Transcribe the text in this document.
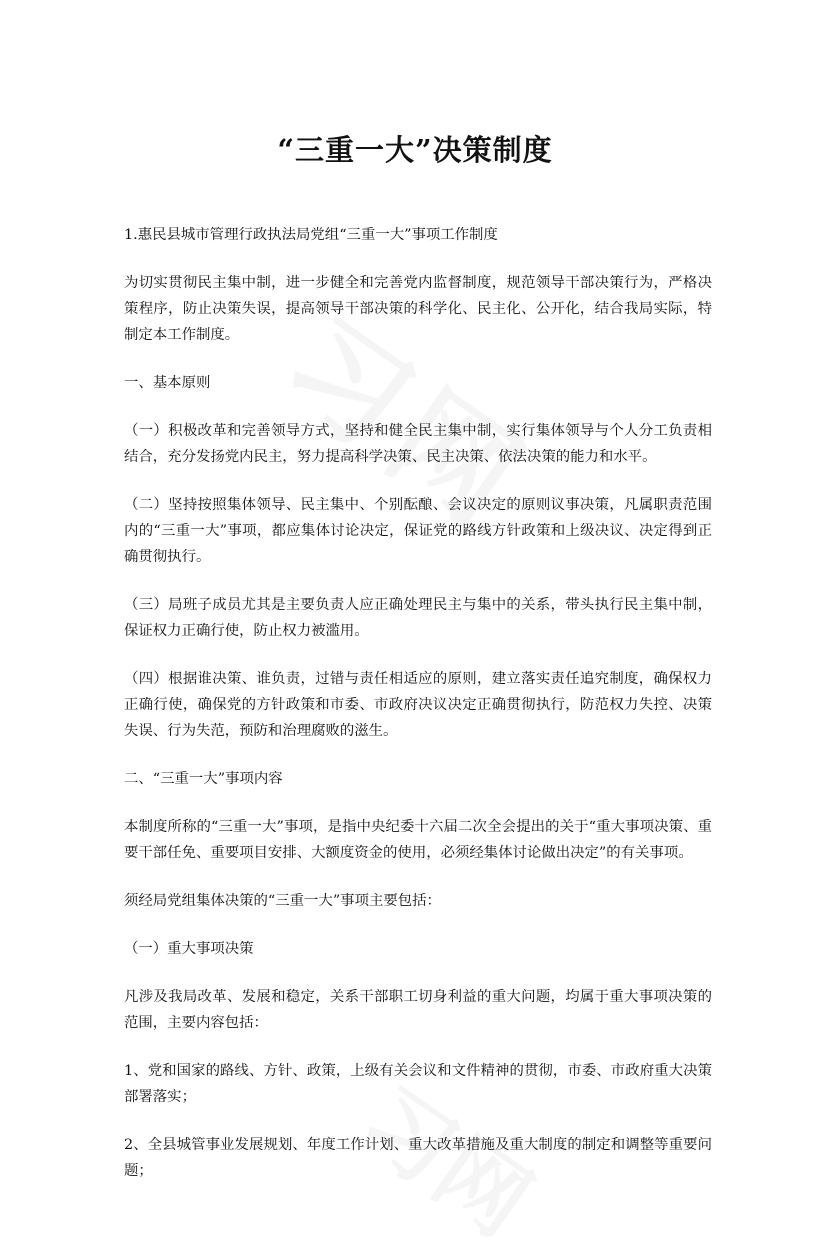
“三重一大”决策制度

1.惠民县城市管理行政执法局党组“三重一大”事项工作制度

为切实贯彻民主集中制，进一步健全和完善党内监督制度，规范领导干部决策行为，严格决策程序，防止决策失误，提高领导干部决策的科学化、民主化、公开化，结合我局实际，特制定本工作制度。

一、基本原则

（一）积极改革和完善领导方式，坚持和健全民主集中制，实行集体领导与个人分工负责相结合，充分发扬党内民主，努力提高科学决策、民主决策、依法决策的能力和水平。

（二）坚持按照集体领导、民主集中、个别酝酿、会议决定的原则议事决策，凡属职责范围内的“三重一大”事项，都应集体讨论决定，保证党的路线方针政策和上级决议、决定得到正确贯彻执行。

（三）局班子成员尤其是主要负责人应正确处理民主与集中的关系，带头执行民主集中制，保证权力正确行使，防止权力被滥用。

（四）根据谁决策、谁负责，过错与责任相适应的原则，建立落实责任追究制度，确保权力正确行使，确保党的方针政策和市委、市政府决议决定正确贯彻执行，防范权力失控、决策失误、行为失范，预防和治理腐败的滋生。

二、“三重一大”事项内容

本制度所称的“三重一大”事项，是指中央纪委十六届二次全会提出的关于“重大事项决策、重要干部任免、重要项目安排、大额度资金的使用，必须经集体讨论做出决定”的有关事项。

须经局党组集体决策的“三重一大”事项主要包括：

（一）重大事项决策

凡涉及我局改革、发展和稳定，关系干部职工切身利益的重大问题，均属于重大事项决策的范围，主要内容包括：

1、党和国家的路线、方针、政策，上级有关会议和文件精神的贯彻，市委、市政府重大决策部署落实；

2、全县城管事业发展规划、年度工作计划、重大改革措施及重大制度的制定和调整等重要问题；
